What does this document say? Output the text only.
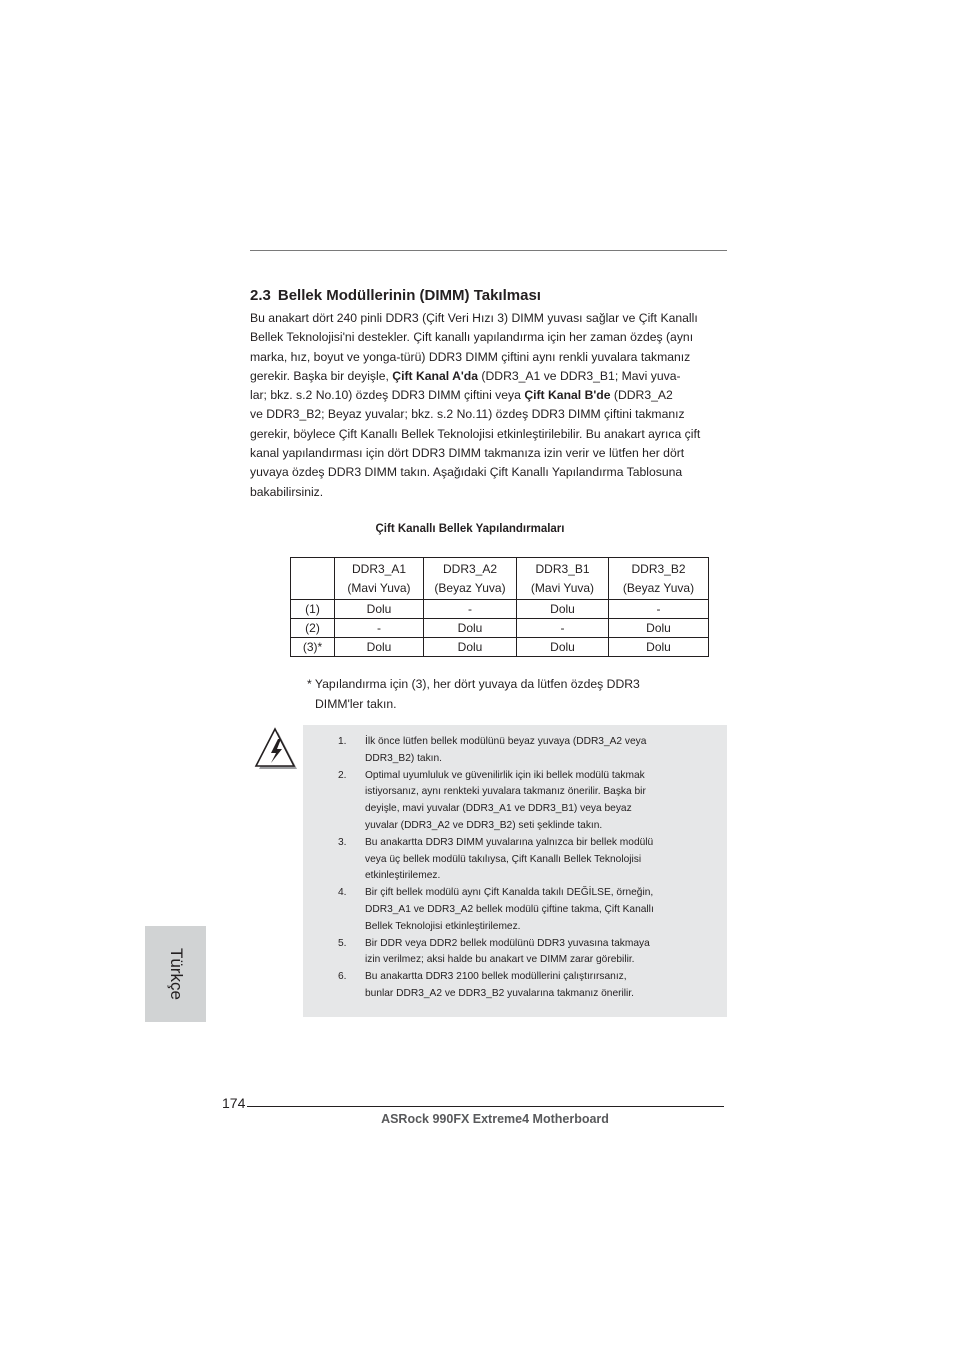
2.3 Bellek Modüllerinin (DIMM) Takılması

Bu anakart dört 240 pinli DDR3 (Çift Veri Hızı 3) DIMM yuvası sağlar ve Çift Kanallı
Bellek Teknolojisi'ni destekler. Çift kanallı yapılandırma için her zaman özdeş (aynı
marka, hız, boyut ve yonga-türü) DDR3 DIMM çiftini aynı renkli yuvalara takmanız
gerekir. Başka bir deyişle, Çift Kanal A'da (DDR3_A1 ve DDR3_B1; Mavi yuva-
lar; bkz. s.2 No.10) özdeş DDR3 DIMM çiftini veya Çift Kanal B'de (DDR3_A2
ve DDR3_B2; Beyaz yuvalar; bkz. s.2 No.11) özdeş DDR3 DIMM çiftini takmanız
gerekir, böylece Çift Kanallı Bellek Teknolojisi etkinleştirilebilir. Bu anakart ayrıca çift
kanal yapılandırması için dört DDR3 DIMM takmanıza izin verir ve lütfen her dört
yuvaya özdeş DDR3 DIMM takın. Aşağıdaki Çift Kanallı Yapılandırma Tablosuna
bakabilirsiniz.

Çift Kanallı Bellek Yapılandırmaları

	DDR3_A1
(Mavi Yuva)	DDR3_A2
(Beyaz Yuva)	DDR3_B1
(Mavi Yuva)	DDR3_B2
(Beyaz Yuva)

(1)	Dolu	-	Dolu	-
(2)	-	Dolu	-	Dolu
(3)*	Dolu	Dolu	Dolu	Dolu
* Yapılandırma için (3), her dört yuvaya da lütfen özdeş DDR3
DIMM'ler takın.
1. İlk önce lütfen bellek modülünü beyaz yuvaya (DDR3_A2 veya
DDR3_B2) takın.
2. Optimal uyumluluk ve güvenilirlik için iki bellek modülü takmak
istiyorsanız, aynı renkteki yuvalara takmanız önerilir. Başka bir
deyişle, mavi yuvalar (DDR3_A1 ve DDR3_B1) veya beyaz
yuvalar (DDR3_A2 ve DDR3_B2) seti şeklinde takın.
3. Bu anakartta DDR3 DIMM yuvalarına yalnızca bir bellek modülü
veya üç bellek modülü takılıysa, Çift Kanallı Bellek Teknolojisi
etkinleştirilemez.
4. Bir çift bellek modülü aynı Çift Kanalda takılı DEĞİLSE, örneğin,
DDR3_A1 ve DDR3_A2 bellek modülü çiftine takma, Çift Kanallı
Bellek Teknolojisi etkinleştirilemez.
5. Bir DDR veya DDR2 bellek modülünü DDR3 yuvasına takmaya
izin verilmez; aksi halde bu anakart ve DIMM zarar görebilir.
6. Bu anakartta DDR3 2100 bellek modüllerini çalıştırırsanız,
bunlar DDR3_A2 ve DDR3_B2 yuvalarına takmanız önerilir.
Türkçe
174
ASRock 990FX Extreme4 Motherboard
